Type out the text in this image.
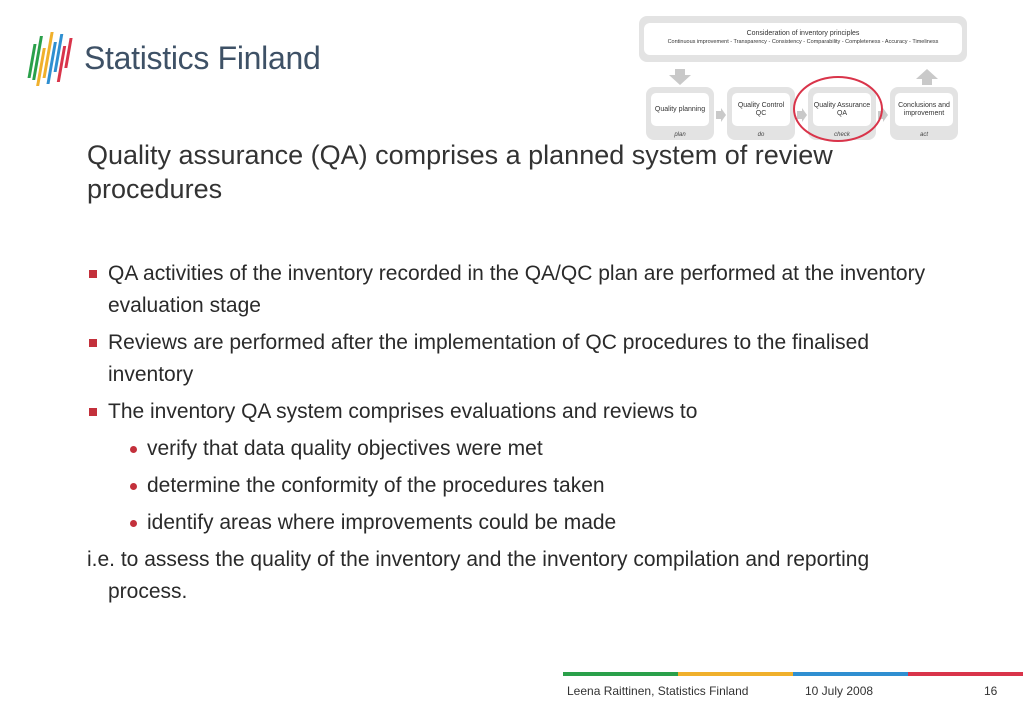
Statistics Finland
Consideration of inventory principles
Continuous improvement - Transparency - Consistency - Comparability - Completeness - Accuracy - Timeliness
Quality planning
plan
Quality Control QC
do
Quality Assurance QA
check
Conclusions and improvement
act
Quality assurance (QA) comprises a planned system of review procedures
QA activities of the inventory recorded in the QA/QC plan are performed at the inventory evaluation stage
Reviews are performed after the implementation of QC procedures to the finalised inventory
The inventory QA system comprises evaluations and reviews to
verify that data quality objectives were met
determine the conformity of the procedures taken
identify areas where improvements could be made
i.e. to assess the quality of the inventory and the inventory compilation and reporting process.
Leena Raittinen, Statistics Finland	10 July 2008	16
